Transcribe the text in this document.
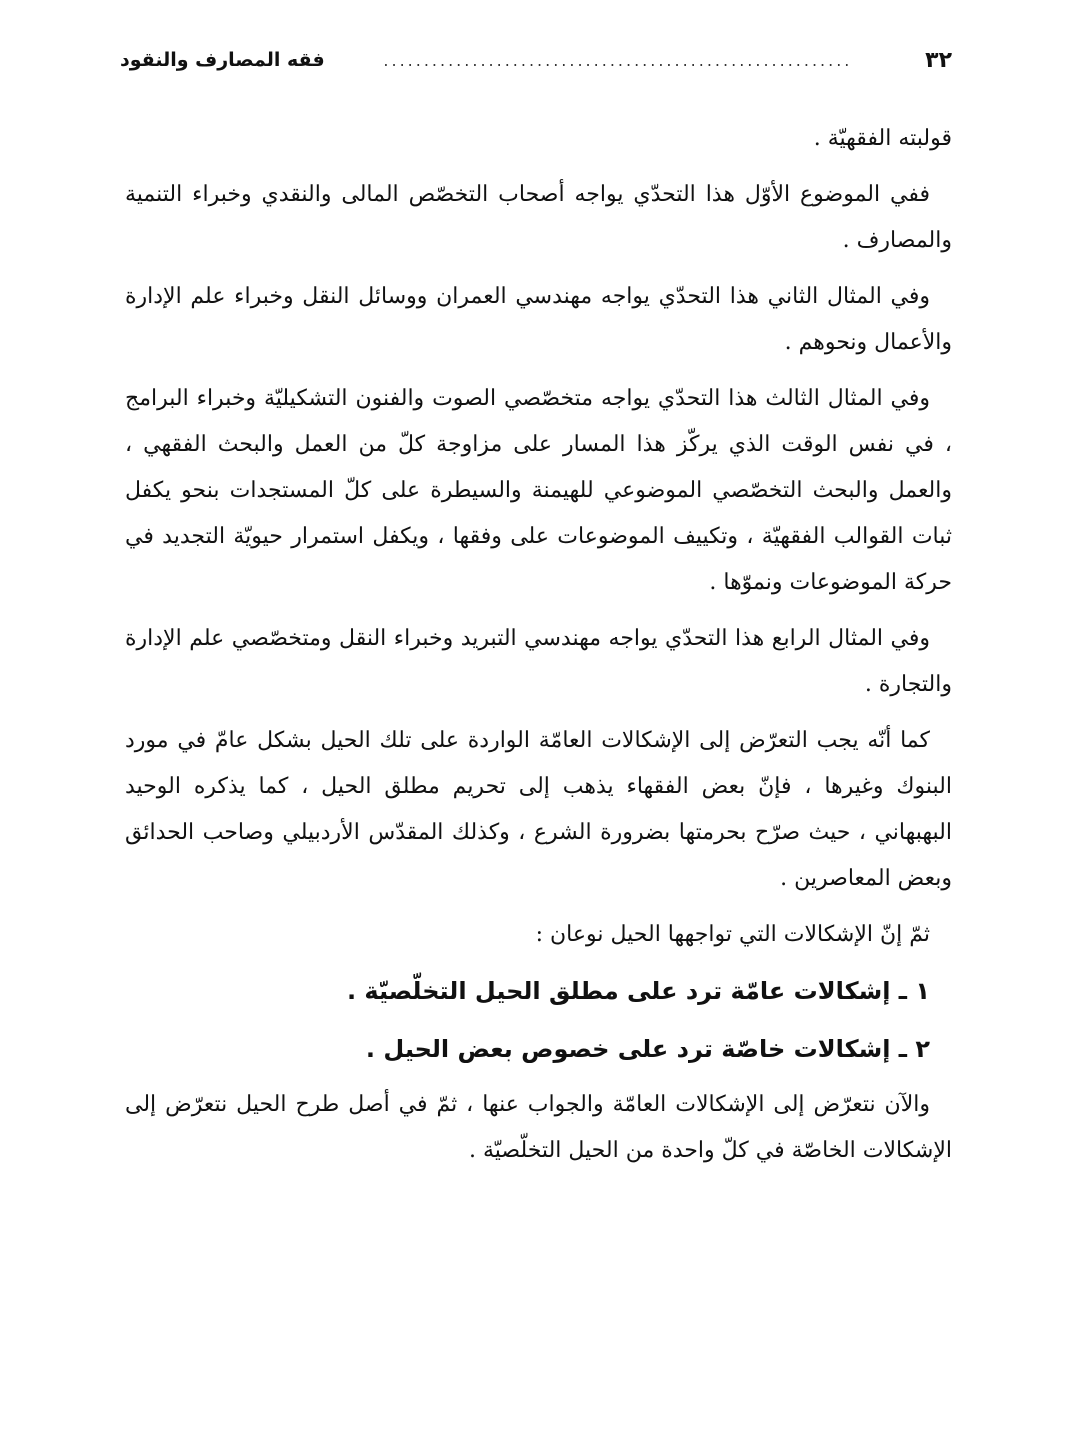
٣٢
..........................................................
فقه المصارف والنقود

قولبته الفقهيّة .

ففي الموضوع الأوّل هذا التحدّي يواجه أصحاب التخصّص المالى والنقدي وخبراء التنمية والمصارف .

وفي المثال الثاني هذا التحدّي يواجه مهندسي العمران ووسائل النقل وخبراء علم الإدارة والأعمال ونحوهم .

وفي المثال الثالث هذا التحدّي يواجه متخصّصي الصوت والفنون التشكيليّة وخبراء البرامج ، في نفس الوقت الذي يركّز هذا المسار على مزاوجة كلّ من العمل والبحث الفقهي ، والعمل والبحث التخصّصي الموضوعي للهيمنة والسيطرة على كلّ المستجدات بنحو يكفل ثبات القوالب الفقهيّة ، وتكييف الموضوعات على وفقها ، ويكفل استمرار حيويّة التجديد في حركة الموضوعات ونموّها .

وفي المثال الرابع هذا التحدّي يواجه مهندسي التبريد وخبراء النقل ومتخصّصي علم الإدارة والتجارة .

كما أنّه يجب التعرّض إلى الإشكالات العامّة الواردة على تلك الحيل بشكل عامّ في مورد البنوك وغيرها ، فإنّ بعض الفقهاء يذهب إلى تحريم مطلق الحيل ، كما يذكره الوحيد البهبهاني ، حيث صرّح بحرمتها بضرورة الشرع ، وكذلك المقدّس الأردبيلي وصاحب الحدائق وبعض المعاصرين .

ثمّ إنّ الإشكالات التي تواجهها الحيل نوعان :

١ ـ إشكالات عامّة ترد على مطلق الحيل التخلّصيّة .

٢ ـ إشكالات خاصّة ترد على خصوص بعض الحيل .

والآن نتعرّض إلى الإشكالات العامّة والجواب عنها ، ثمّ في أصل طرح الحيل نتعرّض إلى الإشكالات الخاصّة في كلّ واحدة من الحيل التخلّصيّة .
